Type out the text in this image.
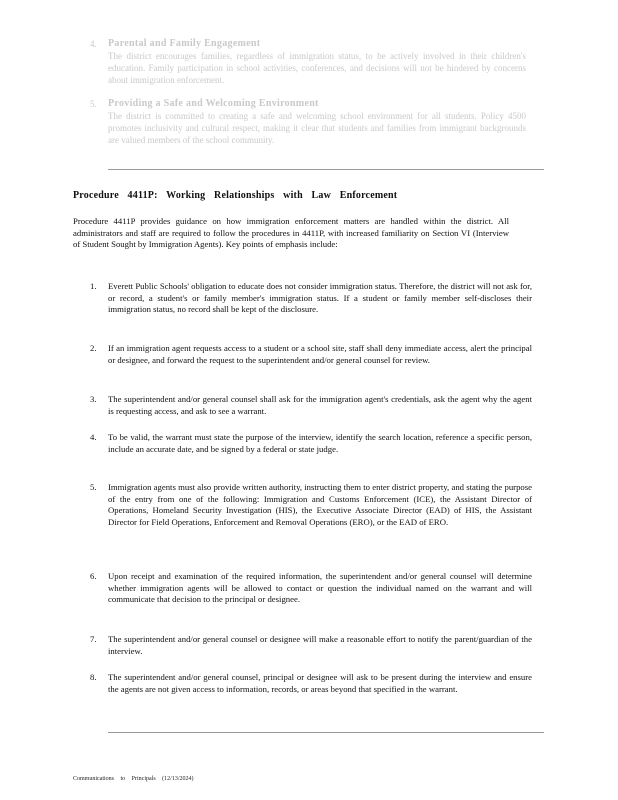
4. Parental and Family Engagement
The district encourages families, regardless of immigration status, to be actively involved in their children's education. Family participation in school activities, conferences, and decisions will not be hindered by concerns about immigration enforcement.
5. Providing a Safe and Welcoming Environment
The district is committed to creating a safe and welcoming school environment for all students. Policy 4500 promotes inclusivity and cultural respect, making it clear that students and families from immigrant backgrounds are valued members of the school community.
Procedure 4411P: Working Relationships with Law Enforcement
Procedure 4411P provides guidance on how immigration enforcement matters are handled within the district. All administrators and staff are required to follow the procedures in 4411P, with increased familiarity on Section VI (Interview of Student Sought by Immigration Agents). Key points of emphasis include:
1. Everett Public Schools' obligation to educate does not consider immigration status. Therefore, the district will not ask for, or record, a student's or family member's immigration status. If a student or family member self-discloses their immigration status, no record shall be kept of the disclosure.
2. If an immigration agent requests access to a student or a school site, staff shall deny immediate access, alert the principal or designee, and forward the request to the superintendent and/or general counsel for review.
3. The superintendent and/or general counsel shall ask for the immigration agent's credentials, ask the agent why the agent is requesting access, and ask to see a warrant.
4. To be valid, the warrant must state the purpose of the interview, identify the search location, reference a specific person, include an accurate date, and be signed by a federal or state judge.
5. Immigration agents must also provide written authority, instructing them to enter district property, and stating the purpose of the entry from one of the following: Immigration and Customs Enforcement (ICE), the Assistant Director of Operations, Homeland Security Investigation (HIS), the Executive Associate Director (EAD) of HIS, the Assistant Director for Field Operations, Enforcement and Removal Operations (ERO), or the EAD of ERO.
6. Upon receipt and examination of the required information, the superintendent and/or general counsel will determine whether immigration agents will be allowed to contact or question the individual named on the warrant and will communicate that decision to the principal or designee.
7. The superintendent and/or general counsel or designee will make a reasonable effort to notify the parent/guardian of the interview.
8. The superintendent and/or general counsel, principal or designee will ask to be present during the interview and ensure the agents are not given access to information, records, or areas beyond that specified in the warrant.
Communications to Principals (12/13/2024)
